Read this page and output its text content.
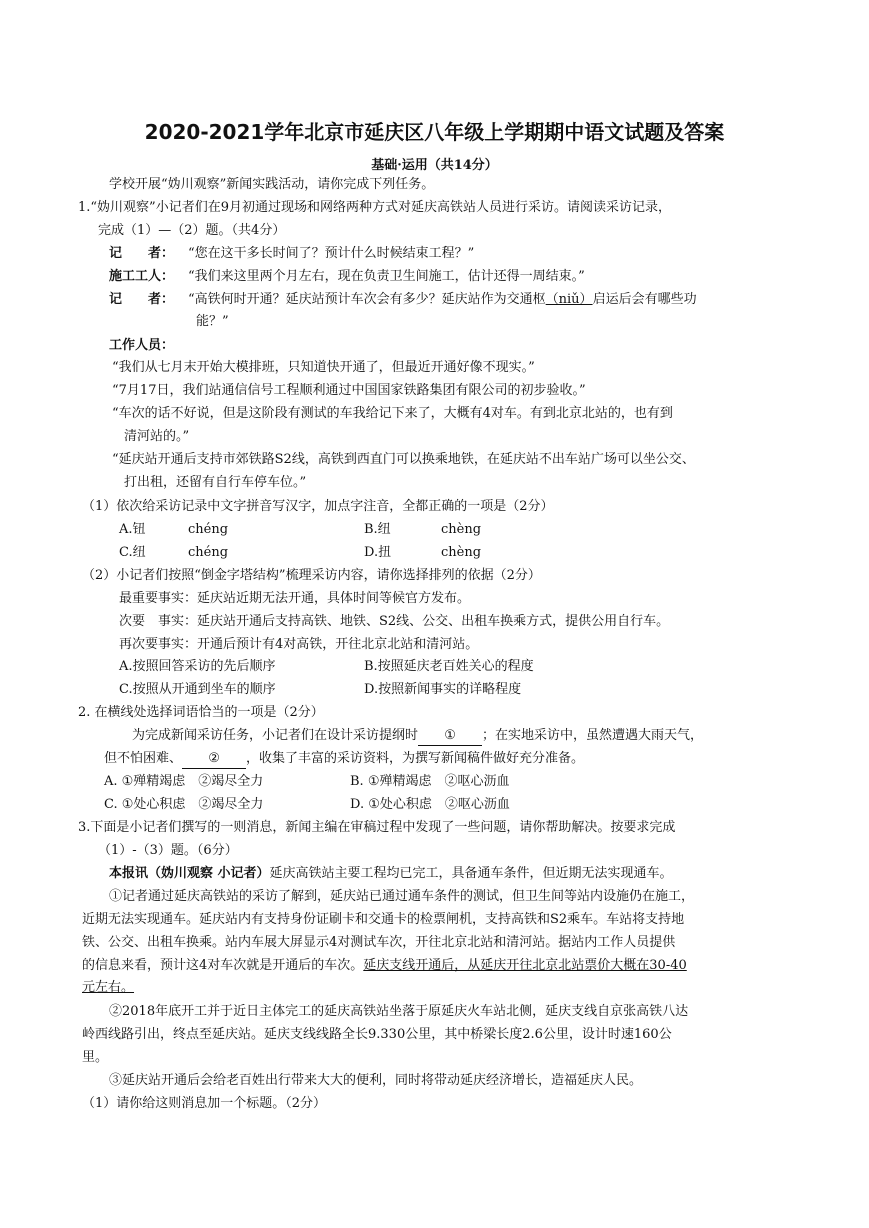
2020-2021学年北京市延庆区八年级上学期期中语文试题及答案
基础·运用（共14分）
学校开展“妫川观察”新闻实践活动，请你完成下列任务。
1.“妫川观察”小记者们在9月初通过现场和网络两种方式对延庆高铁站人员进行采访。请阅读采访记录，
完成（1）—（2）题。（共4分）
记　　者： “您在这干多长时间了？预计什么时候结束工程？”
施工工人： “我们来这里两个月左右，现在负责卫生间施工，估计还得一周结束。”
记　　者： “高铁何时开通？延庆站预计车次会有多少？延庆站作为交通枢（niǔ）启运后会有哪些功
能？”
工作人员：
“我们从七月末开始大模排班，只知道快开通了，但最近开通好像不现实。”
“7月17日，我们站通信信号工程顺利通过中国国家铁路集团有限公司的初步验收。”
“车次的话不好说，但是这阶段有测试的车我给记下来了，大概有4对车。有到北京北站的，也有到
清河站的。”
“延庆站开通后支持市郊铁路S2线，高铁到西直门可以换乘地铁，在延庆站不出车站广场可以坐公交、
打出租，还留有自行车停车位。”
（1）依次给采访记录中文字拼音写汉字，加点字注音，全都正确的一项是（2分）
A.钮	chéng	B.纽	chèng
C.纽	chéng	D.扭	chèng
（2）小记者们按照“倒金字塔结构”梳理采访内容，请你选择排列的依据（2分）
最重要事实：延庆站近期无法开通，具体时间等候官方发布。
次要　事实：延庆站开通后支持高铁、地铁、S2线、公交、出租车换乘方式，提供公用自行车。
再次要事实：开通后预计有4对高铁，开往北京北站和清河站。
A.按照回答采访的先后顺序	B.按照延庆老百姓关心的程度
C.按照从开通到坐车的顺序	D.按照新闻事实的详略程度
2. 在横线处选择词语恰当的一项是（2分）
为完成新闻采访任务，小记者们在设计采访提纲时 ① ；在实地采访中，虽然遭遇大雨天气，
但不怕困难、 ② ，收集了丰富的采访资料，为撰写新闻稿件做好充分准备。
A. ①殚精竭虑　②竭尽全力	B. ①殚精竭虑　②呕心沥血
C. ①处心积虑　②竭尽全力	D. ①处心积虑　②呕心沥血
3.下面是小记者们撰写的一则消息，新闻主编在审稿过程中发现了一些问题，请你帮助解决。按要求完成
（1）-（3）题。（6分）
本报讯（妫川观察 小记者）延庆高铁站主要工程均已完工，具备通车条件，但近期无法实现通车。
①记者通过延庆高铁站的采访了解到，延庆站已通过通车条件的测试，但卫生间等站内设施仍在施工，
近期无法实现通车。延庆站内有支持身份证刷卡和交通卡的检票闸机，支持高铁和S2乘车。车站将支持地
铁、公交、出租车换乘。站内车展大屏显示4对测试车次，开往北京北站和清河站。据站内工作人员提供
的信息来看，预计这4对车次就是开通后的车次。延庆支线开通后，从延庆开往北京北站票价大概在30-40
元左右。
②2018年底开工并于近日主体完工的延庆高铁站坐落于原延庆火车站北侧，延庆支线自京张高铁八达
岭西线路引出，终点至延庆站。延庆支线线路全长9.330公里，其中桥梁长度2.6公里，设计时速160公
里。
③延庆站开通后会给老百姓出行带来大大的便利，同时将带动延庆经济增长，造福延庆人民。
（1）请你给这则消息加一个标题。（2分）
